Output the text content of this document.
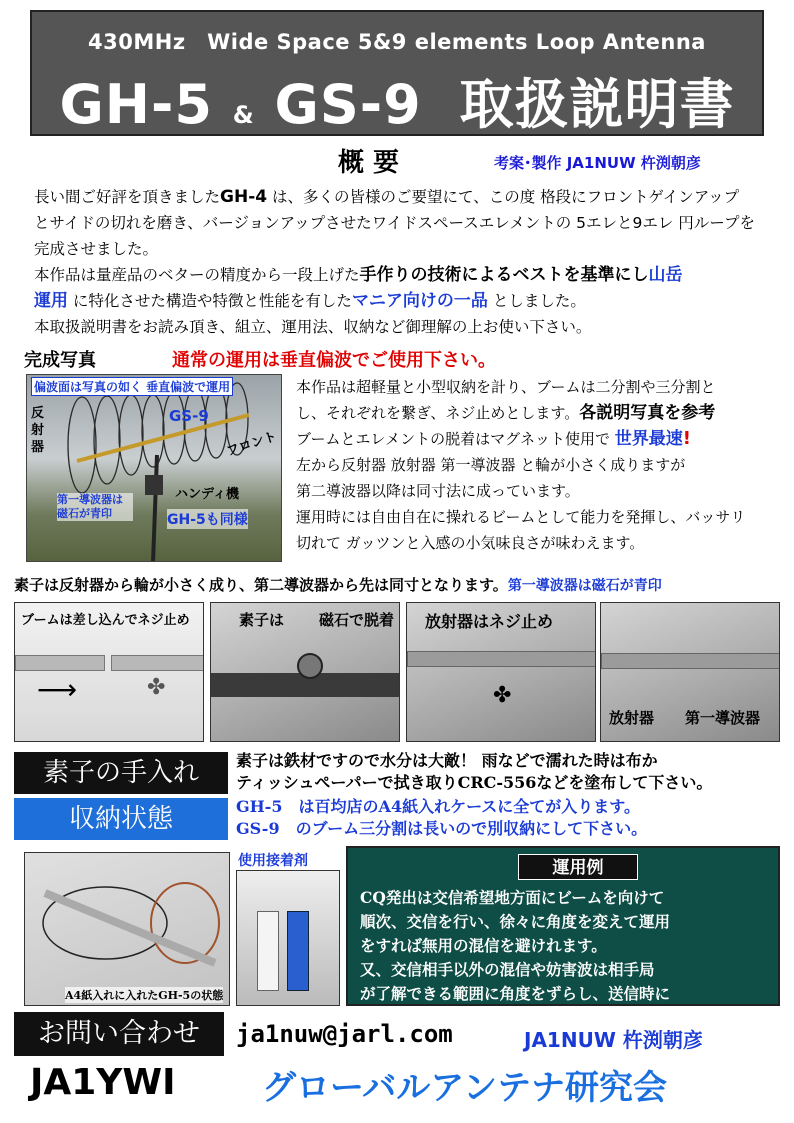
430MHz　Wide Space 5&9 elements Loop Antenna
GH-5 & GS-9 取扱説明書
概 要	考案･製作 JA1NUW 杵渕朝彦
長い間ご好評を頂きましたGH-4 は、多くの皆様のご要望にて、この度 格段にフロントゲインアップ
とサイドの切れを磨き、バージョンアップさせたワイドスペースエレメントの 5エレと9エレ 円ループを
完成させました。
本作品は量産品のベターの精度から一段上げた手作りの技術によるベストを基準にし山岳
運用 に特化させた構造や特徴と性能を有したマニア向けの一品 としました。
本取扱説明書をお読み頂き、組立、運用法、収納など御理解の上お使い下さい。
完成写真	通常の運用は垂直偏波でご使用下さい。
偏波面は写真の如く 垂直偏波で運用
反射器
GS-9
フロント
ハンディ機
第一導波器は磁石が青印	GH-5も同様
本作品は超軽量と小型収納を計り、ブームは二分割や三分割と
し、それぞれを繋ぎ、ネジ止めとします。各説明写真を参考
ブームとエレメントの脱着はマグネット使用で 世界最速!
左から反射器 放射器 第一導波器 と輪が小さく成りますが
第二導波器以降は同寸法に成っています。
運用時には自由自在に操れるビームとして能力を発揮し、バッサリ
切れて ガッツンと入感の小気味良さが味わえます。
素子は反射器から輪が小さく成り、第二導波器から先は同寸となります。第一導波器は磁石が青印
ブームは差し込んでネジ止め
⟶	✤
素子は 磁石で脱着 放射器はネジ止め
✤
放射器 第一導波器
素子の手入れ	素子は鉄材ですので水分は大敵！ 雨などで濡れた時は布か
ティッシュペーパーで拭き取りCRC-556などを塗布して下さい。
収納状態	GH-5　は百均店のA4紙入れケースに全てが入ります。
GS-9　のブーム三分割は長いので別収納にして下さい。
A4紙入れに入れたGH-5の状態
使用接着剤	運用例
CQ発出は交信希望地方面にビームを向けて
順次、交信を行い、徐々に角度を変えて運用
をすれば無用の混信を避けれます。
又、交信相手以外の混信や妨害波は相手局
が了解できる範囲に角度をずらし、送信時に
角度を戻す繰り返しで良好な交信が出来ます。
お問い合わせ	ja1nuw@jarl.com	JA1NUW 杵渕朝彦
JA1YWI	グローバルアンテナ研究会
